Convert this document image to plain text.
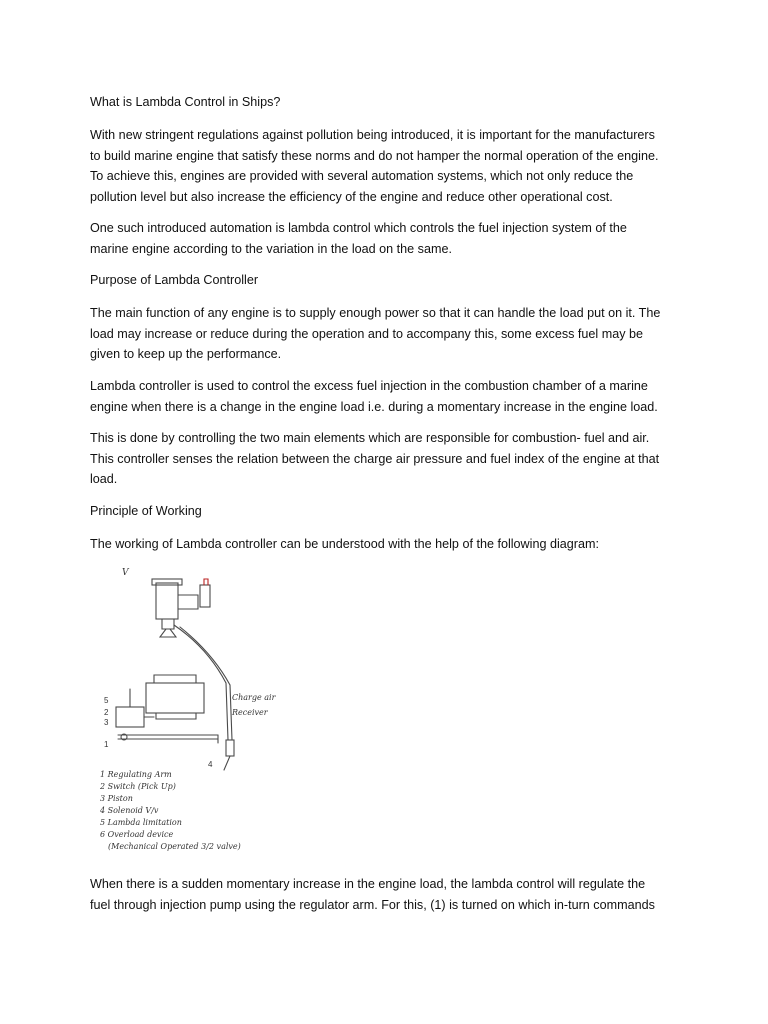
What is Lambda Control in Ships?

With new stringent regulations against pollution being introduced, it is important for the manufacturers to build marine engine that satisfy these norms and do not hamper the normal operation of the engine. To achieve this, engines are provided with several automation systems, which not only reduce the pollution level but also increase the efficiency of the engine and reduce other operational cost.

One such introduced automation is lambda control which controls the fuel injection system of the marine engine according to the variation in the load on the same.

Purpose of Lambda Controller

The main function of any engine is to supply enough power so that it can handle the load put on it. The load may increase or reduce during the operation and to accompany this, some excess fuel may be given to keep up the performance.

Lambda controller is used to control the excess fuel injection in the combustion chamber of a marine engine when there is a change in the engine load i.e. during a momentary increase in the engine load.

This is done by controlling the two main elements which are responsible for combustion- fuel and air. This controller senses the relation between the charge air pressure and fuel index of the engine at that load.

Principle of Working

The working of Lambda controller can be understood with the help of the following diagram:

V
Charge air
Receiver
5
2
3
1
4
1 Regulating Arm
2 Switch (Pick Up)
3 Piston
4 Solenoid V/v
5 Lambda limitation
6 Overload device
(Mechanical Operated 3/2 valve)

When there is a sudden momentary increase in the engine load, the lambda control will regulate the fuel through injection pump using the regulator arm. For this, (1) is turned on which in-turn commands
